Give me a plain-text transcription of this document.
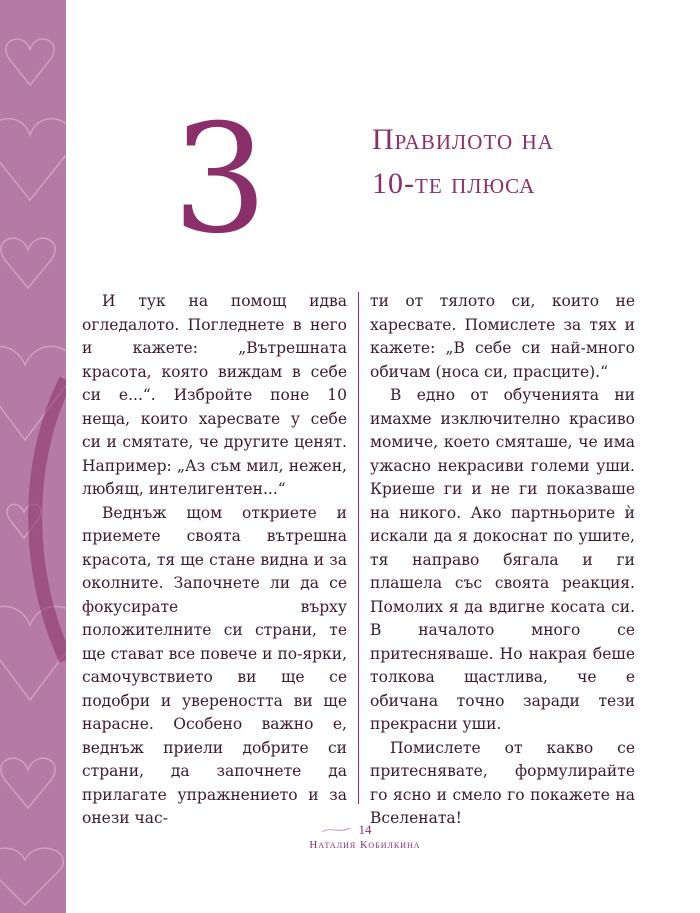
3	Правилото на
10-те плюса

И тук на помощ идва огледалото. Погледнете в него и кажете: „Вътрешната красота, която виждам в себе си е...“. Избройте поне 10 неща, които харесвате у себе си и смятате, че другите ценят. Например: „Аз съм мил, нежен, любящ, интелигентен...“

Веднъж щом откриете и приемете своята вътрешна красота, тя ще стане видна и за околните. Започнете ли да се фокусирате върху положителните си страни, те ще стават все повече и по-ярки, самочувствието ви ще се подобри и увереността ви ще нарасне. Особено важно е, веднъж приели добрите си страни, да започнете да прилагате упражнението и за онези час-

ти от тялото си, които не харесвате. Помислете за тях и кажете: „В себе си най-много обичам (носа си, прасците).“

В едно от обученията ни имахме изключително красиво момиче, което смяташе, че има ужасно некрасиви големи уши. Криеше ги и не ги показваше на никого. Ако партньорите ѝ искали да я докоснат по ушите, тя направо бягала и ги плашела със своята реакция. Помолих я да вдигне косата си. В началото много се притесняваше. Но накрая беше толкова щастлива, че е обичана точно заради тези прекрасни уши.

Помислете от какво се притеснявате, формулирайте го ясно и смело го покажете на Вселената!

14
Наталия Кобилкина
